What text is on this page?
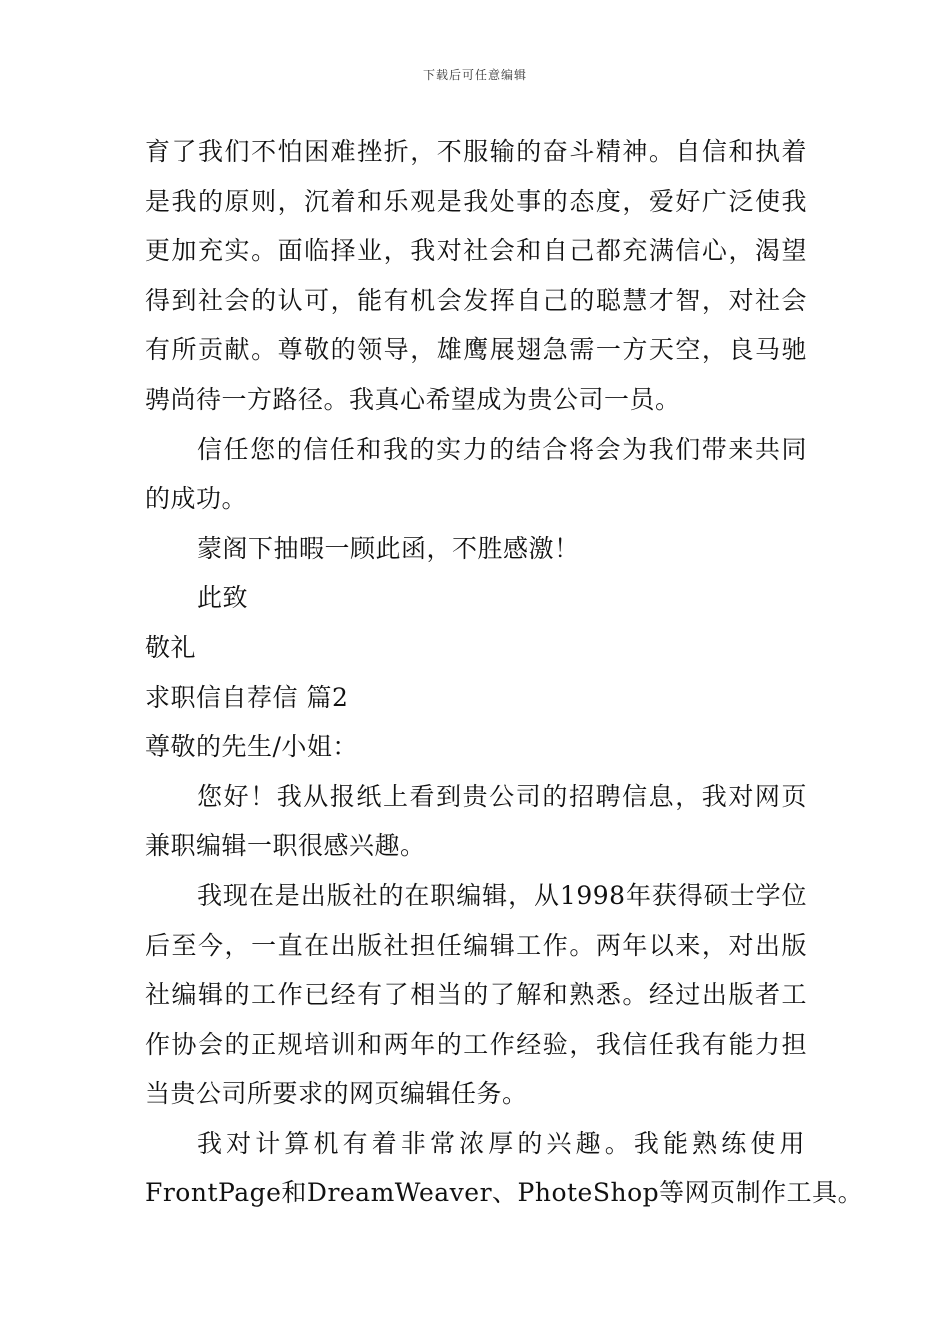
下载后可任意编辑
育了我们不怕困难挫折，不服输的奋斗精神。自信和执着
是我的原则，沉着和乐观是我处事的态度，爱好广泛使我
更加充实。面临择业，我对社会和自己都充满信心，渴望
得到社会的认可，能有机会发挥自己的聪慧才智，对社会
有所贡献。尊敬的领导，雄鹰展翅急需一方天空，良马驰
骋尚待一方路径。我真心希望成为贵公司一员。
信任您的信任和我的实力的结合将会为我们带来共同
的成功。
蒙阁下抽暇一顾此函，不胜感激！
此致
敬礼
求职信自荐信 篇2
尊敬的先生/小姐：
您好！我从报纸上看到贵公司的招聘信息，我对网页
兼职编辑一职很感兴趣。
我现在是出版社的在职编辑，从1998年获得硕士学位
后至今，一直在出版社担任编辑工作。两年以来，对出版
社编辑的工作已经有了相当的了解和熟悉。经过出版者工
作协会的正规培训和两年的工作经验，我信任我有能力担
当贵公司所要求的网页编辑任务。
我对计算机有着非常浓厚的兴趣。我能熟练使用
FrontPage和DreamWeaver、PhoteShop等网页制作工具。
